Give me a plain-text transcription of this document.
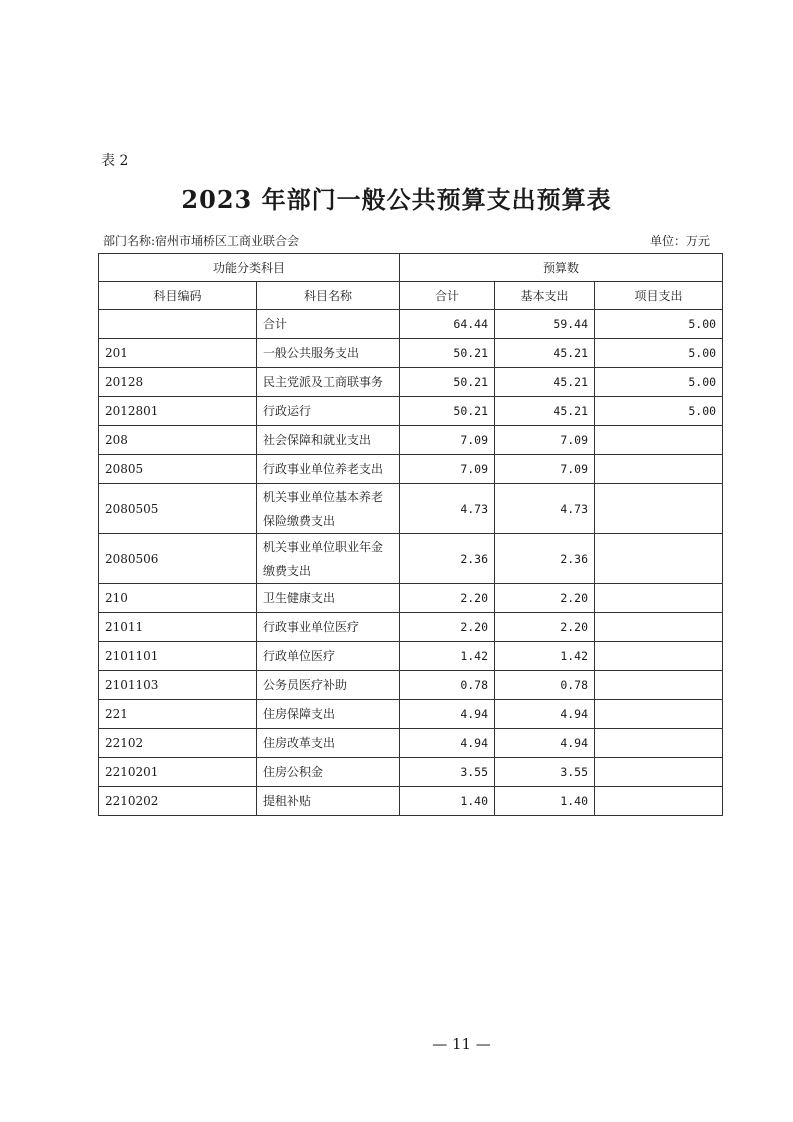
表 2
2023 年部门一般公共预算支出预算表
部门名称:宿州市埇桥区工商业联合会	单位：万元
功能分类科目		预算数		
科目编码	科目名称	合计	基本支出	项目支出
	合计	64.44	59.44	5.00
201	一般公共服务支出	50.21	45.21	5.00
20128	民主党派及工商联事务	50.21	45.21	5.00
2012801	行政运行	50.21	45.21	5.00
208	社会保障和就业支出	7.09	7.09	
20805	行政事业单位养老支出	7.09	7.09	
2080505	机关事业单位基本养老保险缴费支出	4.73	4.73	
2080506	机关事业单位职业年金缴费支出	2.36	2.36	
210	卫生健康支出	2.20	2.20	
21011	行政事业单位医疗	2.20	2.20	
2101101	行政单位医疗	1.42	1.42	
2101103	公务员医疗补助	0.78	0.78	
221	住房保障支出	4.94	4.94	
22102	住房改革支出	4.94	4.94	
2210201	住房公积金	3.55	3.55	
2210202	提租补贴	1.40	1.40	
— 11 —
